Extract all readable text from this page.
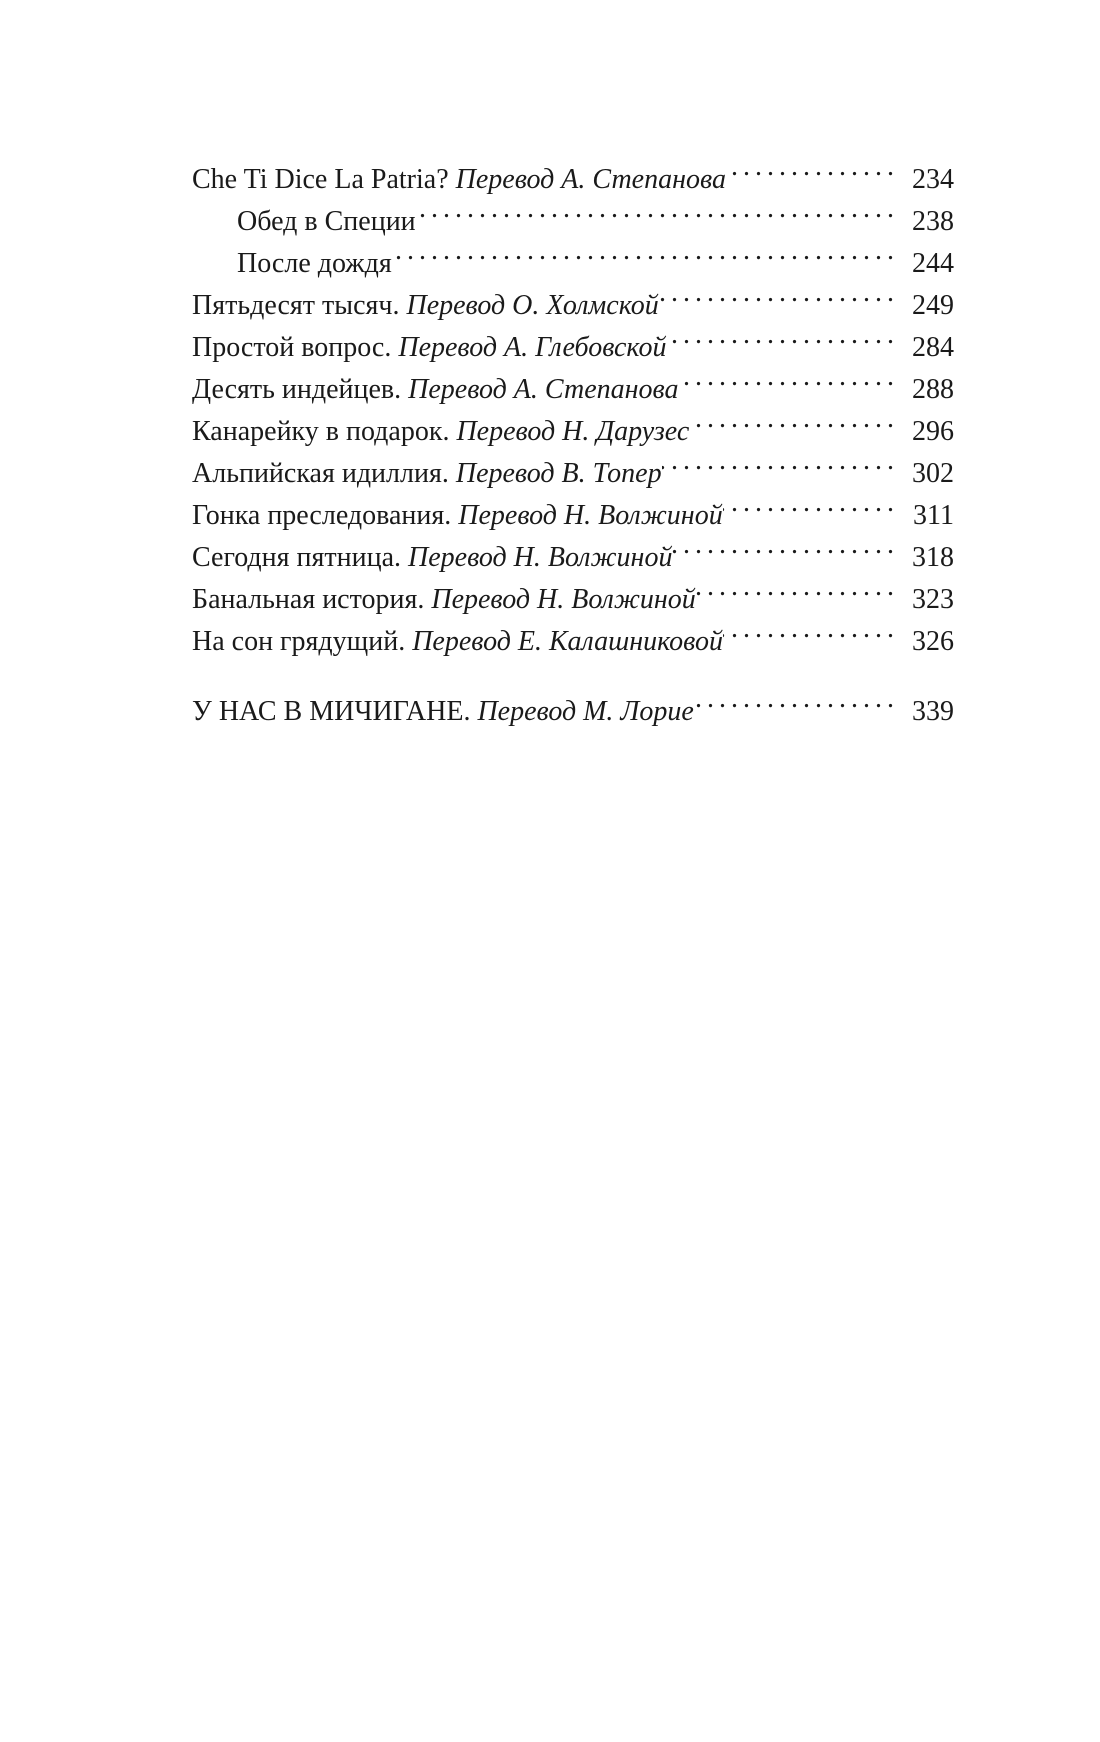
Che Ti Dice La Patria? Перевод А. Степанова . . .	234
Обед в Специи . . .	238
После дождя . . .	244
Пятьдесят тысяч. Перевод О. Холмской . . .	249
Простой вопрос. Перевод А. Глебовской . . .	284
Десять индейцев. Перевод А. Степанова . . .	288
Канарейку в подарок. Перевод Н. Дарузес . . .	296
Альпийская идиллия. Перевод В. Топер . . .	302
Гонка преследования. Перевод Н. Волжиной . . .	311
Сегодня пятница. Перевод Н. Волжиной . . .	318
Банальная история. Перевод Н. Волжиной . . .	323
На сон грядущий. Перевод Е. Калашниковой . . .	326
У НАС В МИЧИГАНЕ. Перевод М. Лорие . . .	339
